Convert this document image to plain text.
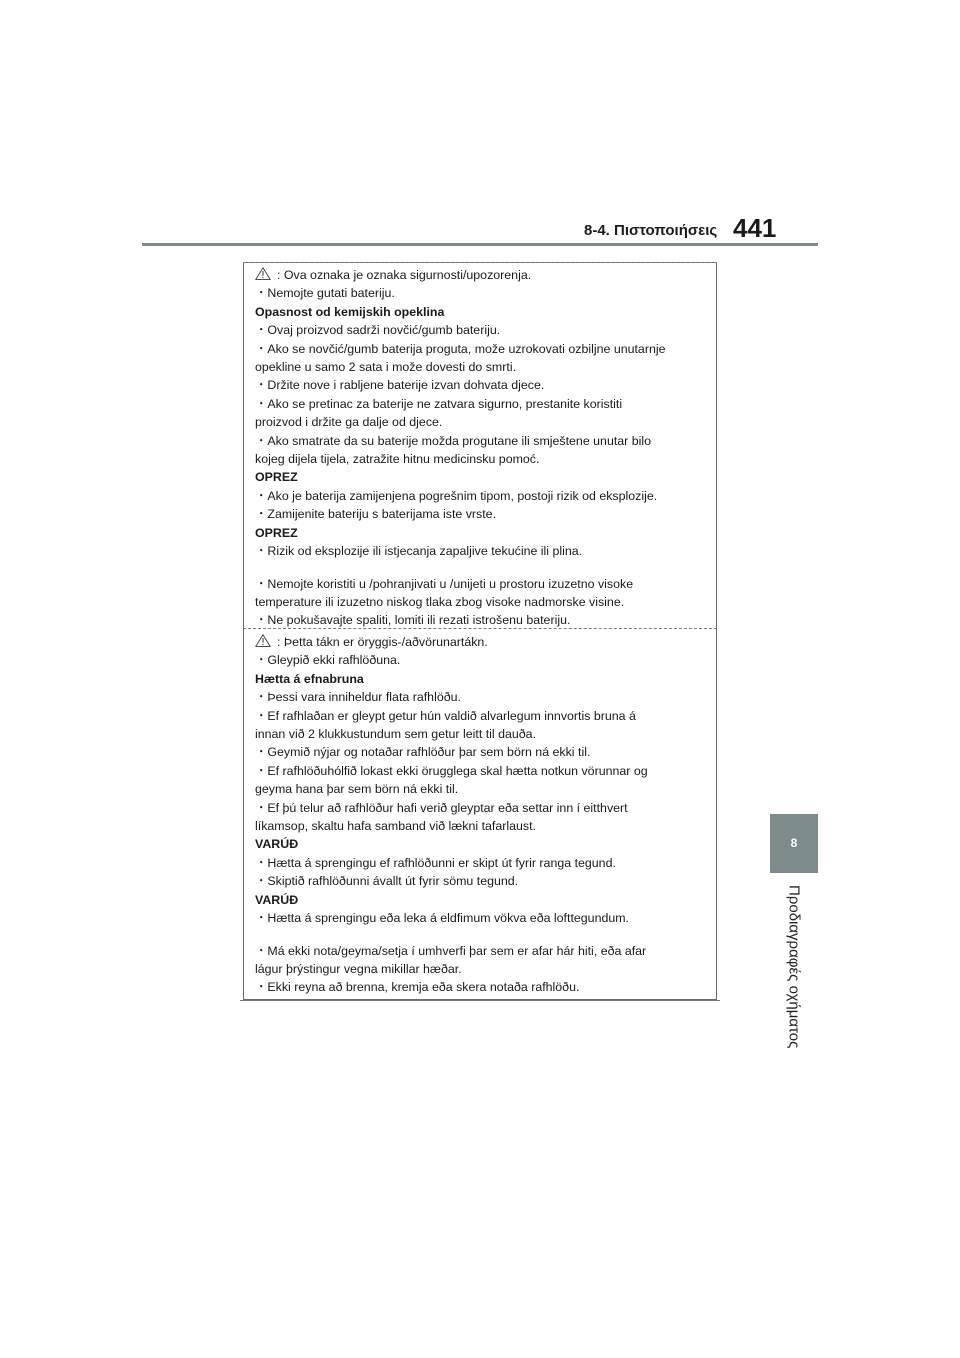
8-4. Πιστοποιήσεις 441
8
Προδιαγραφές οχήματος

: Ova oznaka je oznaka sigurnosti/upozorenja.

・Nemojte gutati bateriju.

Opasnost od kemijskih opeklina

・Ovaj proizvod sadrži novčić/gumb bateriju.

・Ako se novčić/gumb baterija proguta, može uzrokovati ozbiljne unutarnje

opekline u samo 2 sata i može dovesti do smrti.

・Držite nove i rabljene baterije izvan dohvata djece.

・Ako se pretinac za baterije ne zatvara sigurno, prestanite koristiti

proizvod i držite ga dalje od djece.

・Ako smatrate da su baterije možda progutane ili smještene unutar bilo

kojeg dijela tijela, zatražite hitnu medicinsku pomoć.

OPREZ

・Ako je baterija zamijenjena pogrešnim tipom, postoji rizik od eksplozije.

・Zamijenite bateriju s baterijama iste vrste.

OPREZ

・Rizik od eksplozije ili istjecanja zapaljive tekućine ili plina.

・Nemojte koristiti u /pohranjivati u /unijeti u prostoru izuzetno visoke

temperature ili izuzetno niskog tlaka zbog visoke nadmorske visine.

・Ne pokušavajte spaliti, lomiti ili rezati istrošenu bateriju.

: Þetta tákn er öryggis-/aðvörunartákn.

・Gleypið ekki rafhlöðuna.

Hætta á efnabruna

・Þessi vara inniheldur flata rafhlöðu.

・Ef rafhlaðan er gleypt getur hún valdið alvarlegum innvortis bruna á

innan við 2 klukkustundum sem getur leitt til dauða.

・Geymið nýjar og notaðar rafhlöður þar sem börn ná ekki til.

・Ef rafhlöðuhólfið lokast ekki örugglega skal hætta notkun vörunnar og

geyma hana þar sem börn ná ekki til.

・Ef þú telur að rafhlöður hafi verið gleyptar eða settar inn í eitthvert

líkamsop, skaltu hafa samband við lækni tafarlaust.

VARÚÐ

・Hætta á sprengingu ef rafhlöðunni er skipt út fyrir ranga tegund.

・Skiptið rafhlöðunni ávallt út fyrir sömu tegund.

VARÚÐ

・Hætta á sprengingu eða leka á eldfimum vökva eða lofttegundum.

・Má ekki nota/geyma/setja í umhverfi þar sem er afar hár hiti, eða afar

lágur þrýstingur vegna mikillar hæðar.

・Ekki reyna að brenna, kremja eða skera notaða rafhlöðu.
